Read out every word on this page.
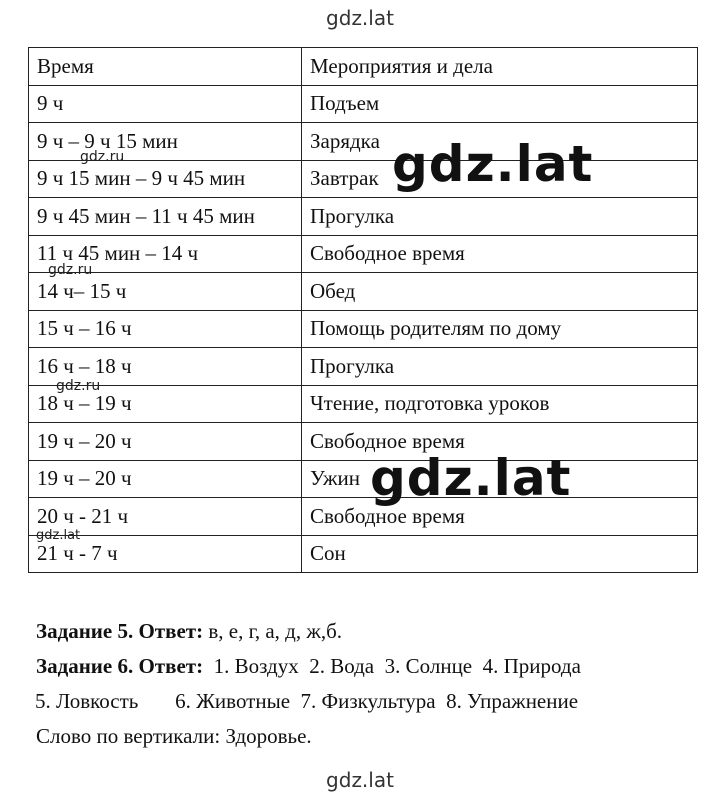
gdz.lat
Время	Мероприятия и дела
9 ч	Подъем
9 ч – 9 ч 15 мин	Зарядка
9 ч 15 мин – 9 ч 45 мин	Завтрак
9 ч 45 мин – 11 ч 45 мин	Прогулка
11 ч 45 мин – 14 ч	Свободное время
14 ч– 15 ч	Обед
15 ч – 16 ч	Помощь родителям по дому
16 ч – 18 ч	Прогулка
18 ч – 19 ч	Чтение, подготовка уроков
19 ч – 20 ч	Свободное время
19 ч – 20 ч	Ужин
20 ч - 21 ч	Свободное время
21 ч - 7 ч	Сон
gdz.ru
gdz.ru
gdz.ru
gdz.lat
gdz.lat
gdz.lat

Задание 5. Ответ: в, е, г, а, д, ж,б.

Задание 6. Ответ:  1. Воздух  2. Вода  3. Солнце  4. Природа

5. Ловкость       6. Животные  7. Физкультура  8. Упражнение

Слово по вертикали: Здоровье.

gdz.lat
